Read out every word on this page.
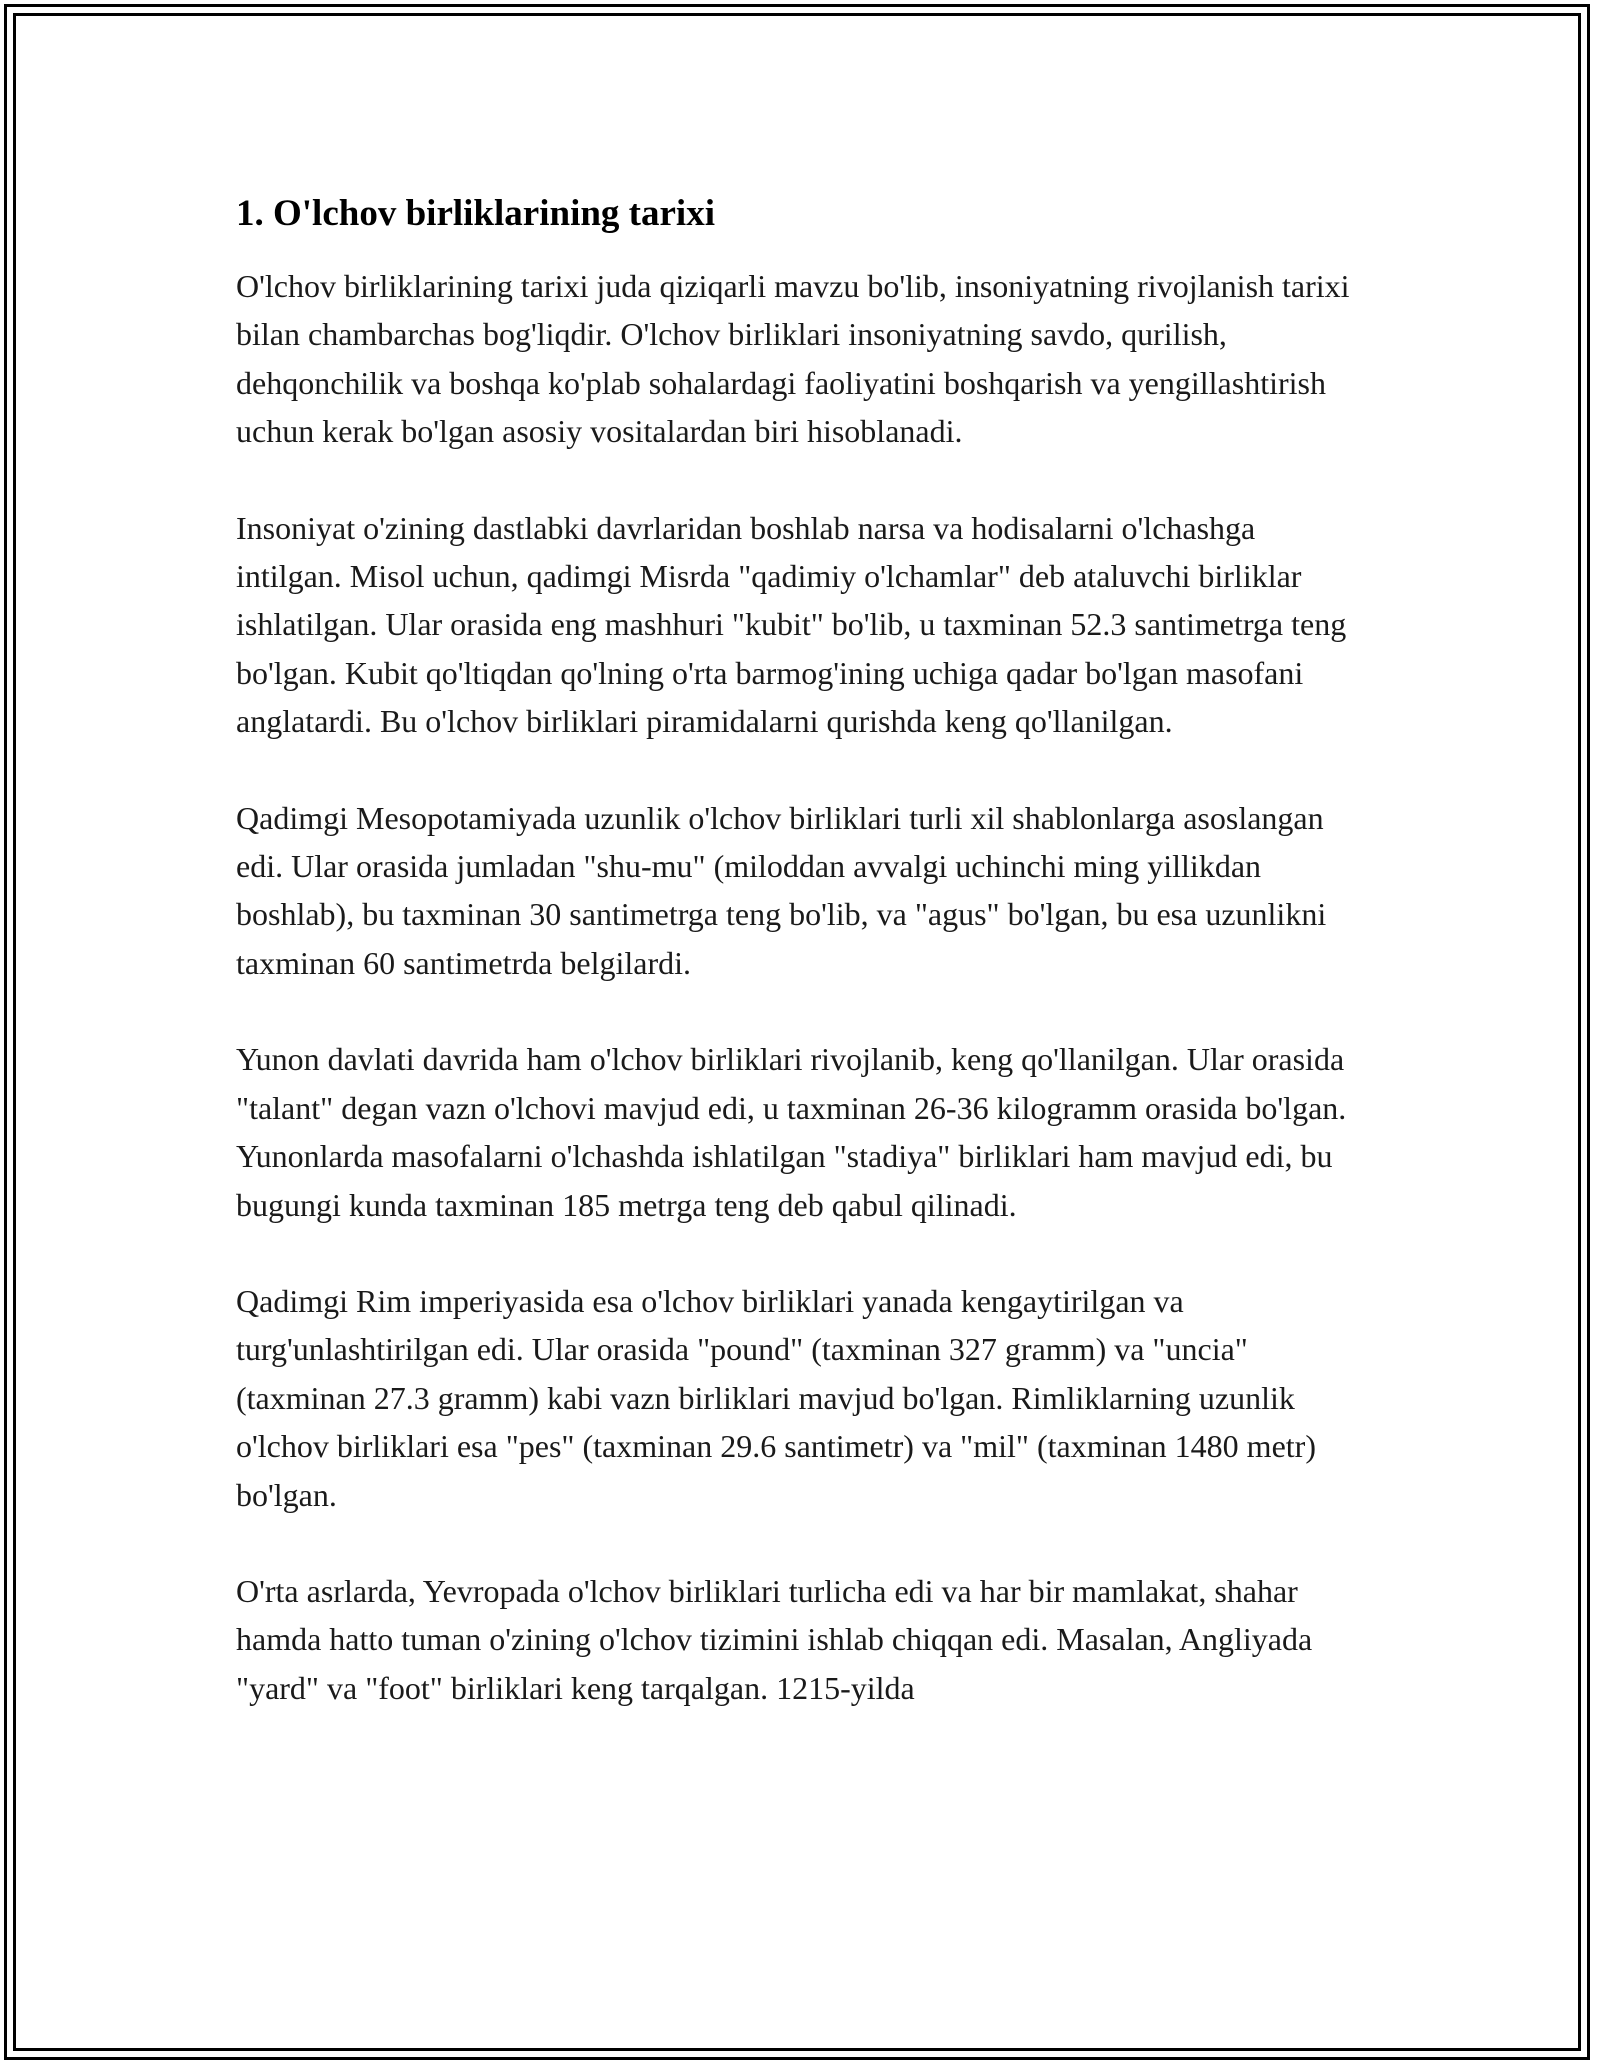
1. O'lchov birliklarining tarixi

O'lchov birliklarining tarixi juda qiziqarli mavzu bo'lib, insoniyatning rivojlanish tarixi bilan chambarchas bog'liqdir. O'lchov birliklari insoniyatning savdo, qurilish, dehqonchilik va boshqa ko'plab sohalardagi faoliyatini boshqarish va yengillashtirish uchun kerak bo'lgan asosiy vositalardan biri hisoblanadi.

Insoniyat o'zining dastlabki davrlaridan boshlab narsa va hodisalarni o'lchashga intilgan. Misol uchun, qadimgi Misrda "qadimiy o'lchamlar" deb ataluvchi birliklar ishlatilgan. Ular orasida eng mashhuri "kubit" bo'lib, u taxminan 52.3 santimetrga teng bo'lgan. Kubit qo'ltiqdan qo'lning o'rta barmog'ining uchiga qadar bo'lgan masofani anglatardi. Bu o'lchov birliklari piramidalarni qurishda keng qo'llanilgan.

Qadimgi Mesopotamiyada uzunlik o'lchov birliklari turli xil shablonlarga asoslangan edi. Ular orasida jumladan "shu-mu" (miloddan avvalgi uchinchi ming yillikdan boshlab), bu taxminan 30 santimetrga teng bo'lib, va "agus" bo'lgan, bu esa uzunlikni taxminan 60 santimetrda belgilardi.

Yunon davlati davrida ham o'lchov birliklari rivojlanib, keng qo'llanilgan. Ular orasida "talant" degan vazn o'lchovi mavjud edi, u taxminan 26-36 kilogramm orasida bo'lgan. Yunonlarda masofalarni o'lchashda ishlatilgan "stadiya" birliklari ham mavjud edi, bu bugungi kunda taxminan 185 metrga teng deb qabul qilinadi.

Qadimgi Rim imperiyasida esa o'lchov birliklari yanada kengaytirilgan va turg'unlashtirilgan edi. Ular orasida "pound" (taxminan 327 gramm) va "uncia" (taxminan 27.3 gramm) kabi vazn birliklari mavjud bo'lgan. Rimliklarning uzunlik o'lchov birliklari esa "pes" (taxminan 29.6 santimetr) va "mil" (taxminan 1480 metr) bo'lgan.

O'rta asrlarda, Yevropada o'lchov birliklari turlicha edi va har bir mamlakat, shahar hamda hatto tuman o'zining o'lchov tizimini ishlab chiqqan edi. Masalan, Angliyada "yard" va "foot" birliklari keng tarqalgan. 1215-yilda
